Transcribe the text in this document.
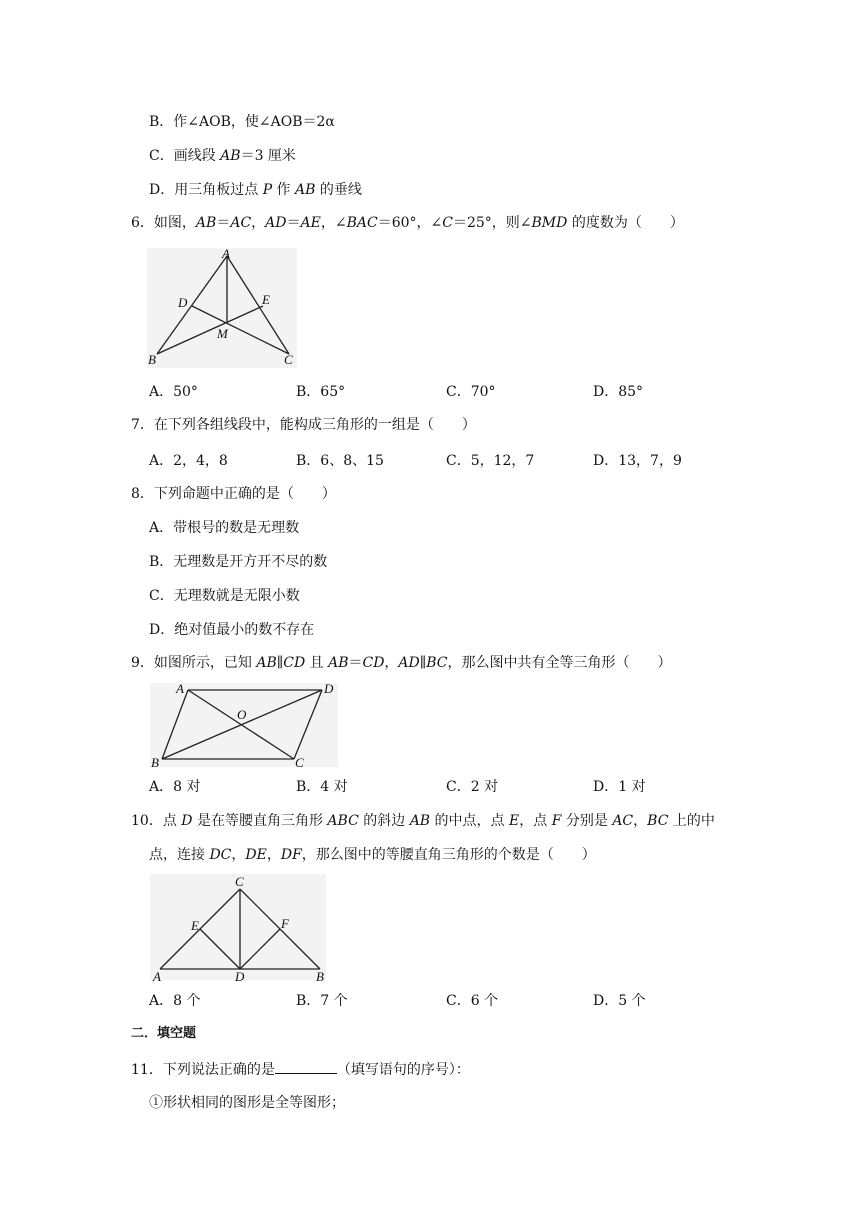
B．作∠AOB，使∠AOB＝2α
C．画线段 AB＝3 厘米
D．用三角板过点 P 作 AB 的垂线
6．如图，AB＝AC，AD＝AE，∠BAC＝60°，∠C＝25°，则∠BMD 的度数为（　　）
A
D	E
M
B	C
A．50°	B．65°	C．70°	D．85°
7．在下列各组线段中，能构成三角形的一组是（　　）
A．2，4，8	B．6、8、15	C．5，12，7	D．13，7，9
8．下列命题中正确的是（　　）
A．带根号的数是无理数
B．无理数是开方开不尽的数
C．无理数就是无限小数
D．绝对值最小的数不存在
9．如图所示，已知 AB∥CD 且 AB＝CD，AD∥BC，那么图中共有全等三角形（　　）
A	D
O
B	C
A．8 对	B．4 对	C．2 对	D．1 对
10．点 D 是在等腰直角三角形 ABC 的斜边 AB 的中点，点 E，点 F 分别是 AC，BC 上的中
点，连接 DC，DE，DF，那么图中的等腰直角三角形的个数是（　　）
C
E	F
A	D	B
A．8 个	B．7 个	C．6 个	D．5 个
二．填空题
11．下列说法正确的是	（填写语句的序号）：
①形状相同的图形是全等图形；
